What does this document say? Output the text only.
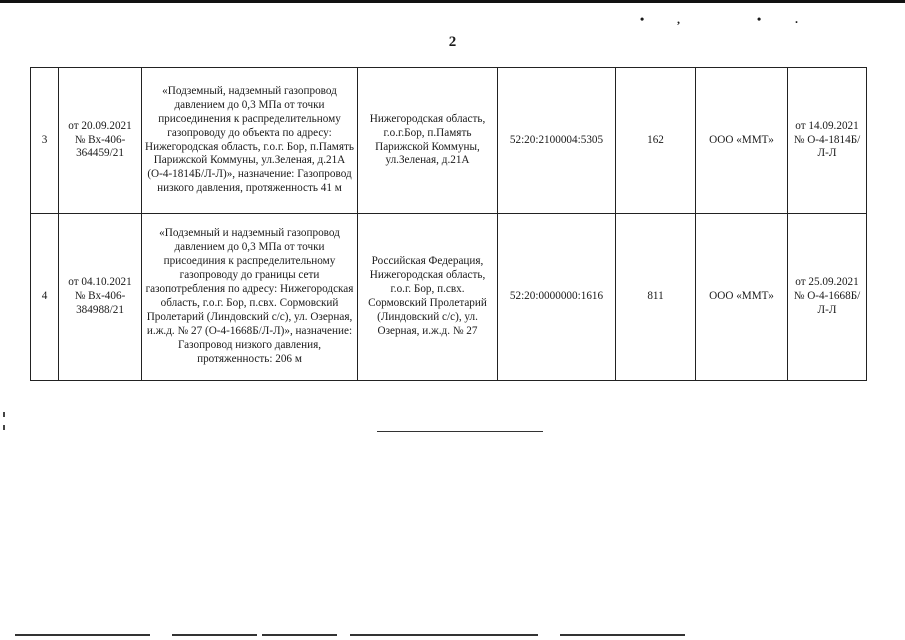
•	,	•	.
2
3	от 20.09.2021 № Вх-406-364459/21	«Подземный, надземный газопровод давлением до 0,3 МПа от точки присоединения к распределительному газопроводу до объекта по адресу: Нижегородская область, г.о.г. Бор, п.Память Парижской Коммуны, ул.Зеленая, д.21А (О-4-1814Б/Л-Л)», назначение: Газопровод низкого давления, протяженность 41 м	Нижегородская область, г.о.г.Бор, п.Память Парижской Коммуны, ул.Зеленая, д.21А	52:20:2100004:5305	162	ООО «ММТ»	от 14.09.2021 № О-4-1814Б/Л-Л
4	от 04.10.2021 № Вх-406-384988/21	«Подземный и надземный газопровод давлением до 0,3 МПа от точки присоединия к распределительному газопроводу до границы сети газопотребления по адресу: Нижегородская область, г.о.г. Бор, п.свх. Сормовский Пролетарий (Линдовский с/с), ул. Озерная, и.ж.д. № 27 (О-4-1668Б/Л-Л)», назначение: Газопровод низкого давления, протяженность: 206 м	Российская Федерация, Нижегородская область, г.о.г. Бор, п.свх. Сормовский Пролетарий (Линдовский с/с), ул. Озерная, и.ж.д. № 27	52:20:0000000:1616	811	ООО «ММТ»	от 25.09.2021 № О-4-1668Б/Л-Л
